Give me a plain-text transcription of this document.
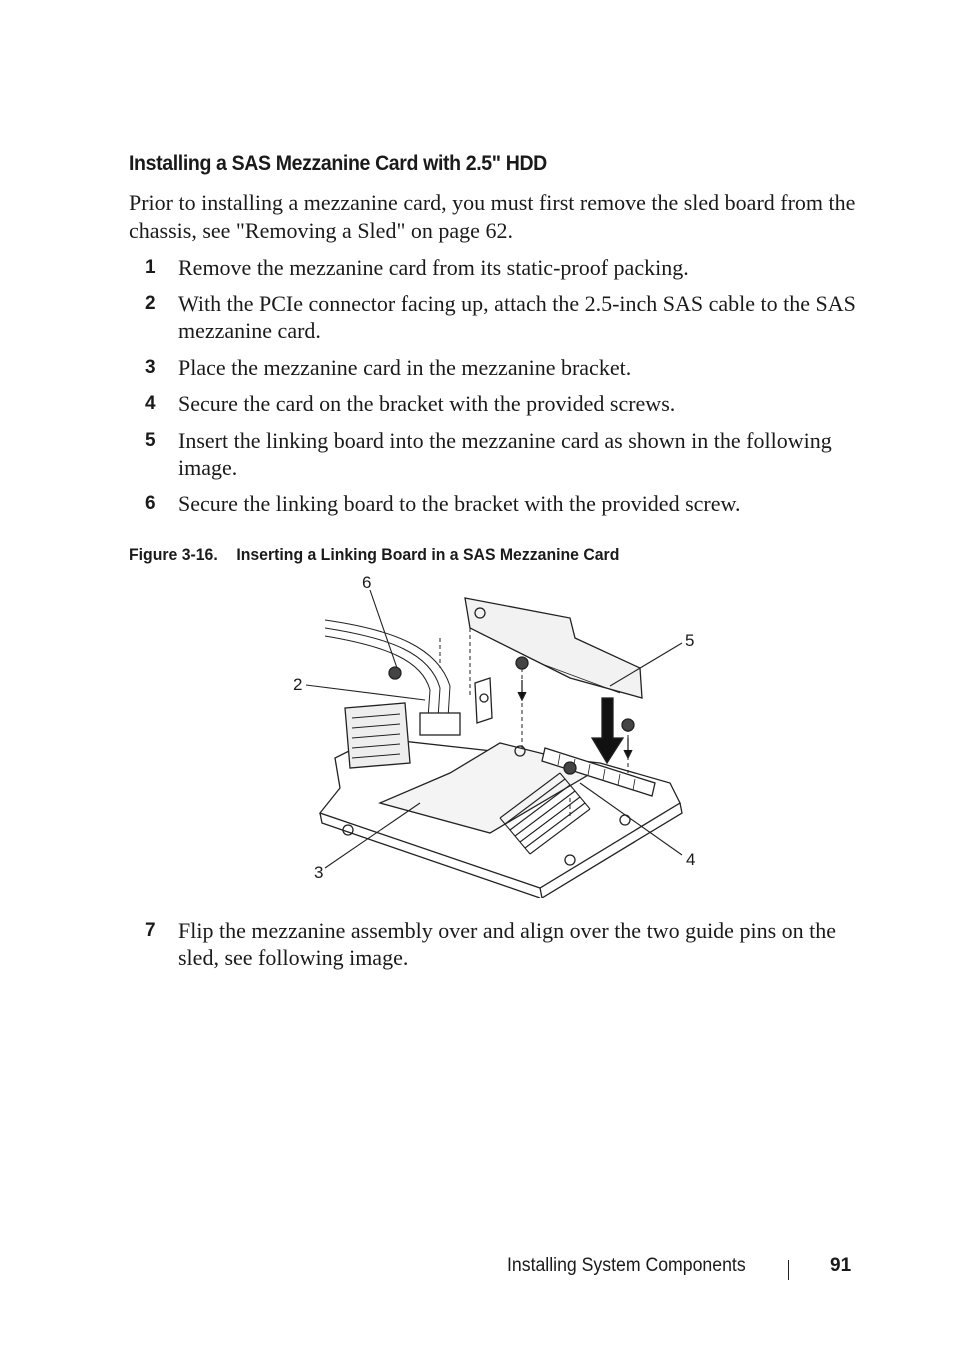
Installing a SAS Mezzanine Card with 2.5" HDD
Prior to installing a mezzanine card, you must first remove the sled board from the chassis, see "Removing a Sled" on page 62.
1 Remove the mezzanine card from its static-proof packing.
2 With the PCIe connector facing up, attach the 2.5-inch SAS cable to the SAS mezzanine card.
3 Place the mezzanine card in the mezzanine bracket.
4 Secure the card on the bracket with the provided screws.
5 Insert the linking board into the mezzanine card as shown in the following image.
6 Secure the linking board to the bracket with the provided screw.
Figure 3-16. Inserting a Linking Board in a SAS Mezzanine Card
6
5
2
3
4
7 Flip the mezzanine assembly over and align over the two guide pins on the sled, see following image.
Installing System Components	91
